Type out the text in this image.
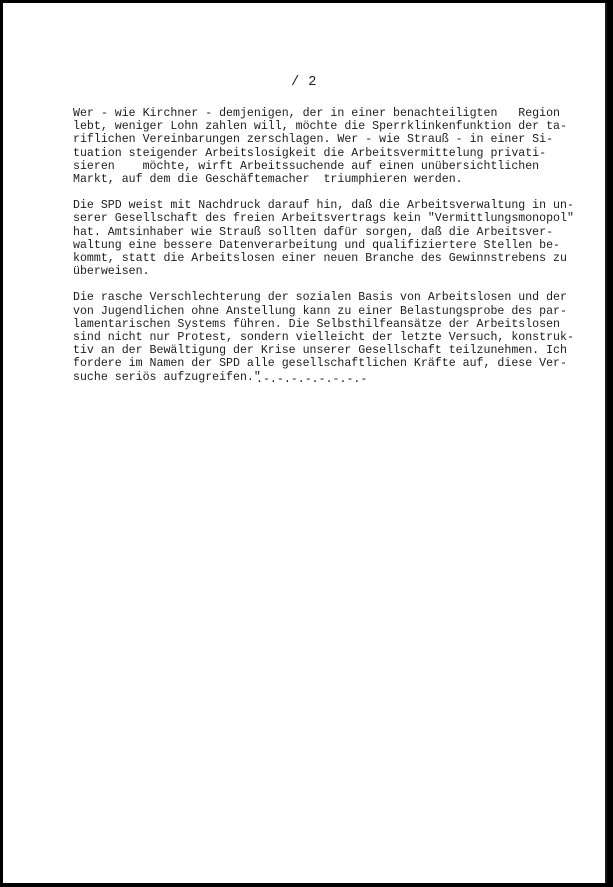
/ 2

Wer - wie Kirchner - demjenigen, der in einer benachteiligten   Region
lebt, weniger Lohn zahlen will, möchte die Sperrklinkenfunktion der ta-
riflichen Vereinbarungen zerschlagen. Wer - wie Strauß - in einer Si-
tuation steigender Arbeitslosigkeit die Arbeitsvermittelung privati-
sieren    möchte, wirft Arbeitssuchende auf einen unübersichtlichen
Markt, auf dem die Geschäftemacher  triumphieren werden.

Die SPD weist mit Nachdruck darauf hin, daß die Arbeitsverwaltung in un-
serer Gesellschaft des freien Arbeitsvertrags kein "Vermittlungsmonopol"
hat. Amtsinhaber wie Strauß sollten dafür sorgen, daß die Arbeitsver-
waltung eine bessere Datenverarbeitung und qualifiziertere Stellen be-
kommt, statt die Arbeitslosen einer neuen Branche des Gewinnstrebens zu
überweisen.

Die rasche Verschlechterung der sozialen Basis von Arbeitslosen und der
von Jugendlichen ohne Anstellung kann zu einer Belastungsprobe des par-
lamentarischen Systems führen. Die Selbsthilfeansätze der Arbeitslosen
sind nicht nur Protest, sondern vielleicht der letzte Versuch, konstruk-
tiv an der Bewältigung der Krise unserer Gesellschaft teilzunehmen. Ich
fordere im Namen der SPD alle gesellschaftlichen Kräfte auf, diese Ver-
suche seriös aufzugreifen."

.-.-.-.-.-.-.-.-
